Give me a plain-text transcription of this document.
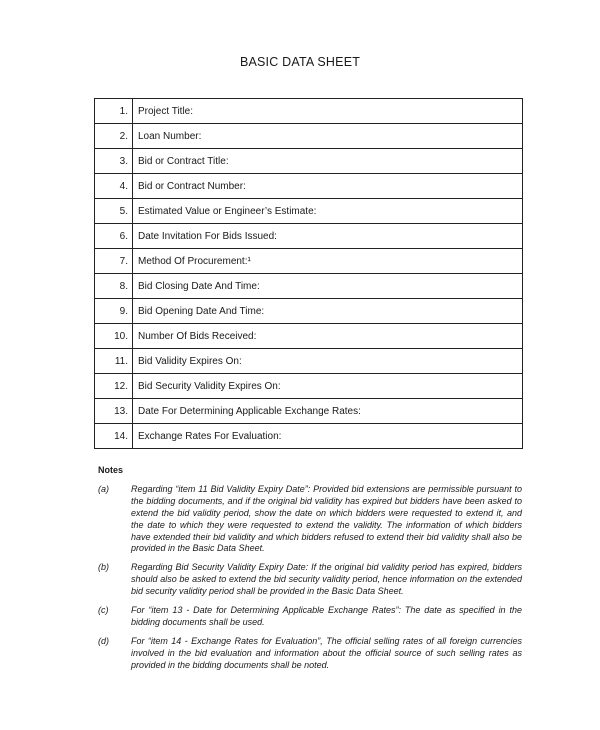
BASIC DATA SHEET
1.	Project Title:
2.	Loan Number:
3.	Bid or Contract Title:
4.	Bid or Contract Number:
5.	Estimated Value or Engineer’s Estimate:
6.	Date Invitation For Bids Issued:
7.	Method Of Procurement:¹
8.	Bid Closing Date And Time:
9.	Bid Opening Date And Time:
10.	Number Of Bids Received:
11.	Bid Validity Expires On:
12.	Bid Security Validity Expires On:
13.	Date For Determining Applicable Exchange Rates:
14.	Exchange Rates For Evaluation:
Notes
(a)	Regarding “item 11 Bid Validity Expiry Date”: Provided bid extensions are permissible pursuant to the bidding documents, and if the original bid validity has expired but bidders have been asked to extend the bid validity period, show the date on which bidders were requested to extend it, and the date to which they were requested to extend the validity. The information of which bidders have extended their bid validity and which bidders refused to extend their bid validity shall also be provided in the Basic Data Sheet.
(b)	Regarding Bid Security Validity Expiry Date: If the original bid validity period has expired, bidders should also be asked to extend the bid security validity period, hence information on the extended bid security validity period shall be provided in the Basic Data Sheet.
(c)	For “item 13 - Date for Determining Applicable Exchange Rates”: The date as specified in the bidding documents shall be used.
(d)	For “item 14 - Exchange Rates for Evaluation”, The official selling rates of all foreign currencies involved in the bid evaluation and information about the official source of such selling rates as provided in the bidding documents shall be noted.
